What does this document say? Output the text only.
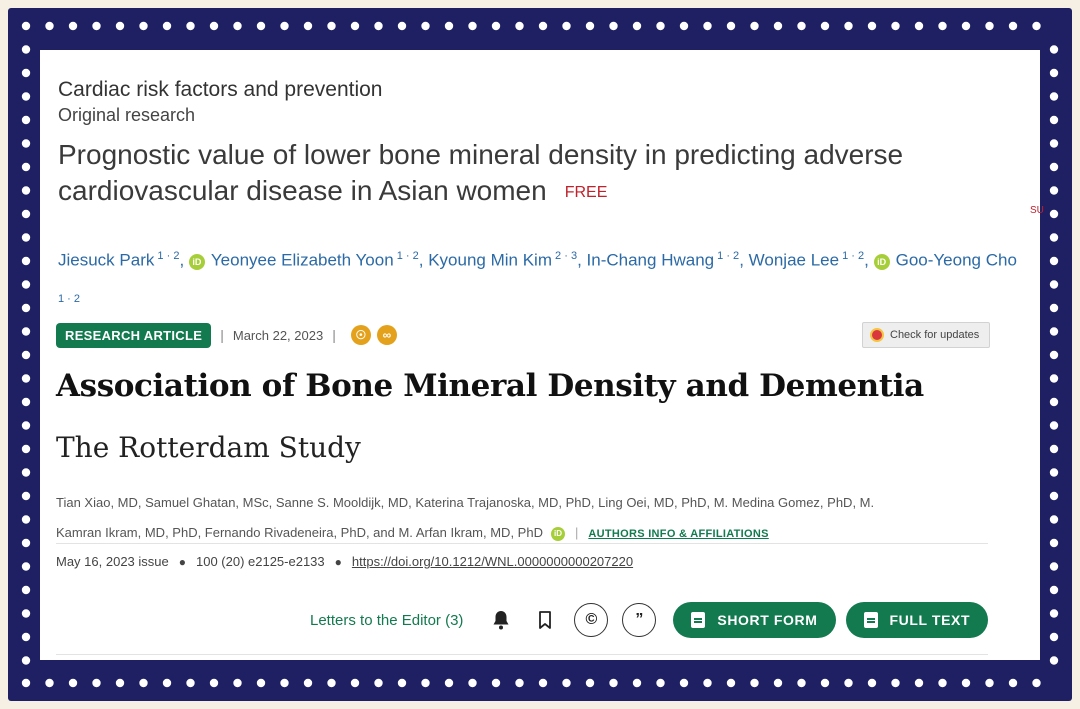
Cardiac risk factors and prevention
Original research
Prognostic value of lower bone mineral density in predicting adverse cardiovascular disease in Asian women FREE
SU
Jiesuck Park $^{1 \cdot 2}$, iD Yeonyee Elizabeth Yoon $^{1 \cdot 2}$, Kyoung Min Kim $^{2 \cdot 3}$, In-Chang Hwang $^{1 \cdot 2}$, Wonjae Lee $^{1 \cdot 2}$, iD Goo-Yeong Cho $^{1 \cdot 2}$
RESEARCH ARTICLE	| March 22, 2023 |	☉	∞	Check for updates
Association of Bone Mineral Density and Dementia
The Rotterdam Study
Tian Xiao, MD, Samuel Ghatan, MSc, Sanne S. Mooldijk, MD, Katerina Trajanoska, MD, PhD, Ling Oei, MD, PhD, M. Medina Gomez, PhD, M.
Kamran Ikram, MD, PhD, Fernando Rivadeneira, PhD, and M. Arfan Ikram, MD, PhD iD | AUTHORS INFO & AFFILIATIONS
May 16, 2023 issue ● 100 (20) e2125-e2133 ● https://doi.org/10.1212/WNL.0000000000207220
Letters to the Editor (3)	©	”	SHORT FORM	FULL TEXT
